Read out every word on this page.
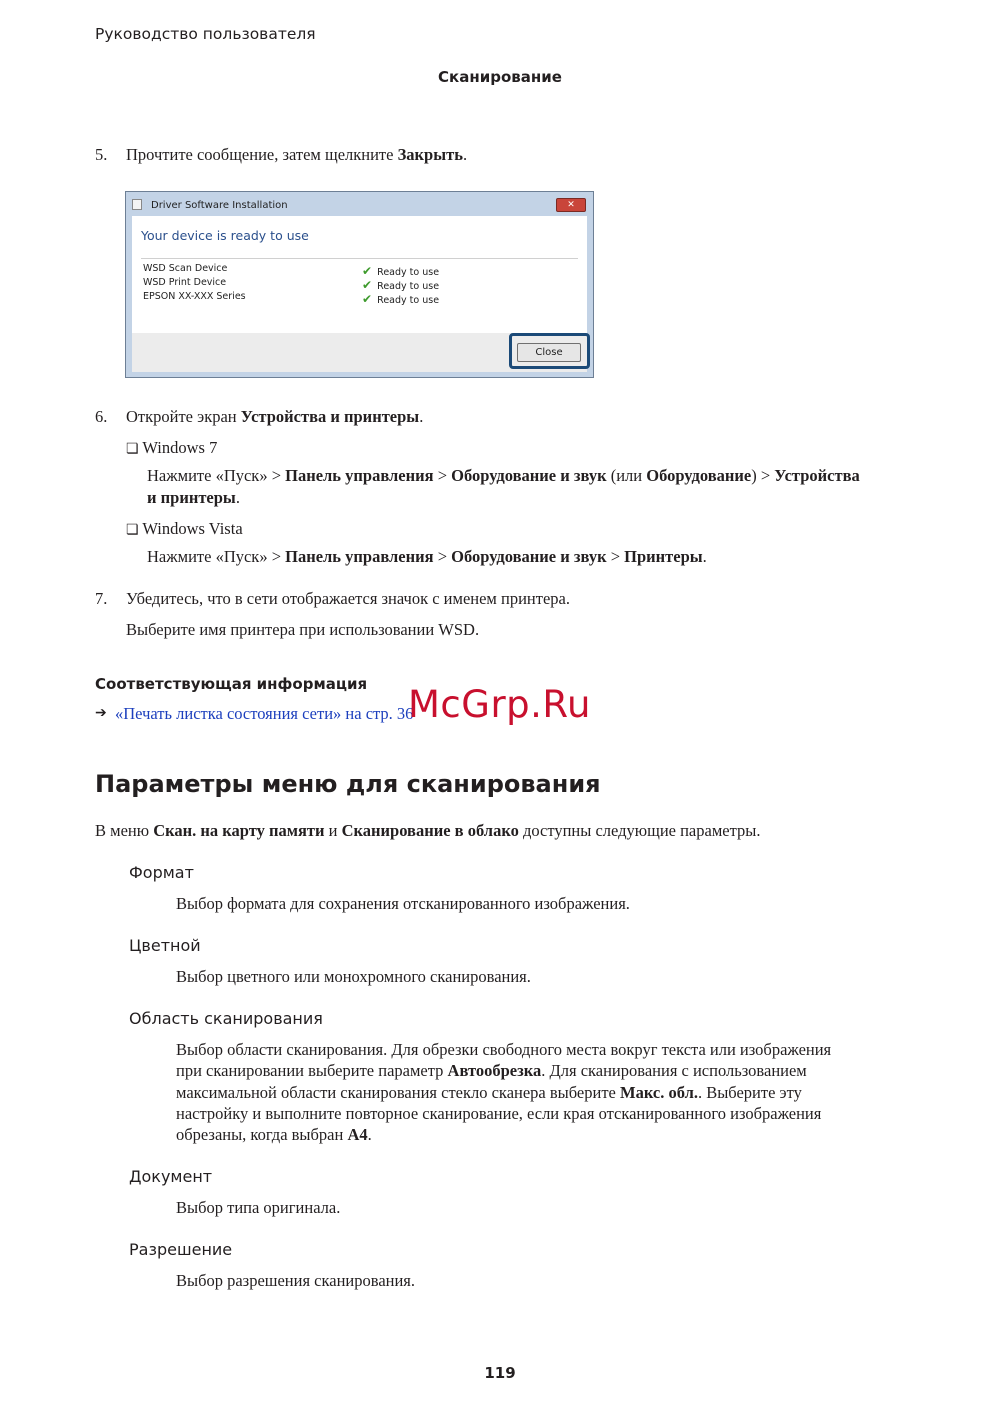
Руководство пользователя
Сканирование
5. Прочтите сообщение, затем щелкните Закрыть.
Driver Software Installation	✕
Your device is ready to use
WSD Scan Device	✔ Ready to use
WSD Print Device	✔ Ready to use
EPSON XX-XXX Series	✔ Ready to use
Close
6. Откройте экран Устройства и принтеры.
❏ Windows 7
Нажмите «Пуск» > Панель управления > Оборудование и звук (или Оборудование) > Устройства
и принтеры.
❏ Windows Vista
Нажмите «Пуск» > Панель управления > Оборудование и звук > Принтеры.
7. Убедитесь, что в сети отображается значок с именем принтера.
Выберите имя принтера при использовании WSD.
Соответствующая информация
➔ «Печать листка состояния сети» на стр. 36
McGrp.Ru
Параметры меню для сканирования
В меню Скан. на карту памяти и Сканирование в облако доступны следующие параметры.
Формат
Выбор формата для сохранения отсканированного изображения.
Цветной
Выбор цветного или монохромного сканирования.
Область сканирования
Выбор области сканирования. Для обрезки свободного места вокруг текста или изображения
при сканировании выберите параметр Автообрезка. Для сканирования с использованием
максимальной области сканирования стекло сканера выберите Макс. обл.. Выберите эту
настройку и выполните повторное сканирование, если края отсканированного изображения
обрезаны, когда выбран A4.
Документ
Выбор типа оригинала.
Разрешение
Выбор разрешения сканирования.
119
